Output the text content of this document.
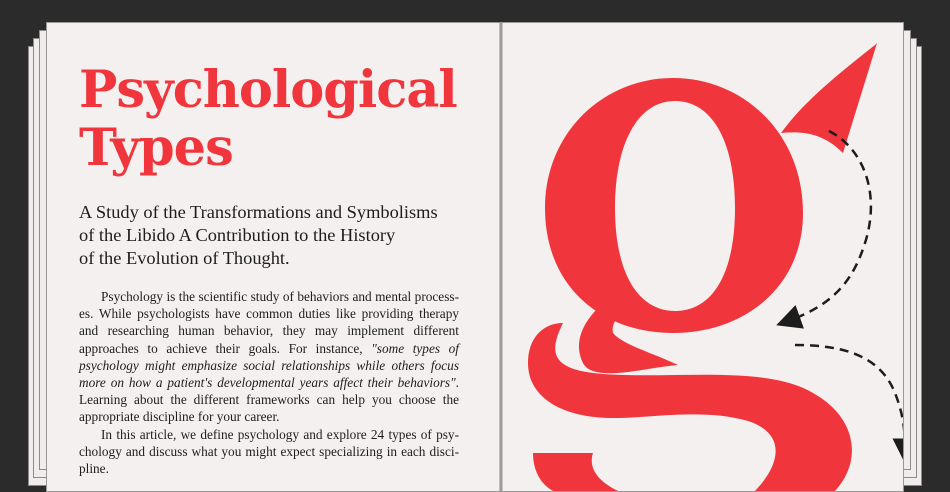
Psychological
Types

A Study of the Transformations and Symbolisms
of the Libido A Contribution to the History
of the Evolution of Thought.

Psychology is the scientific study of behaviors and mental processes. While psychologists have common duties like providing therapy and researching human behavior, they may implement different approaches to achieve their goals. For instance, "some types of psychology might emphasize social relationships while others focus more on how a patient's developmental years affect their behaviors". Learning about the different frameworks can help you choose the appropriate discipline for your career.

In this article, we define psychology and explore 24 types of psychology and discuss what you might expect specializing in each discipline.
